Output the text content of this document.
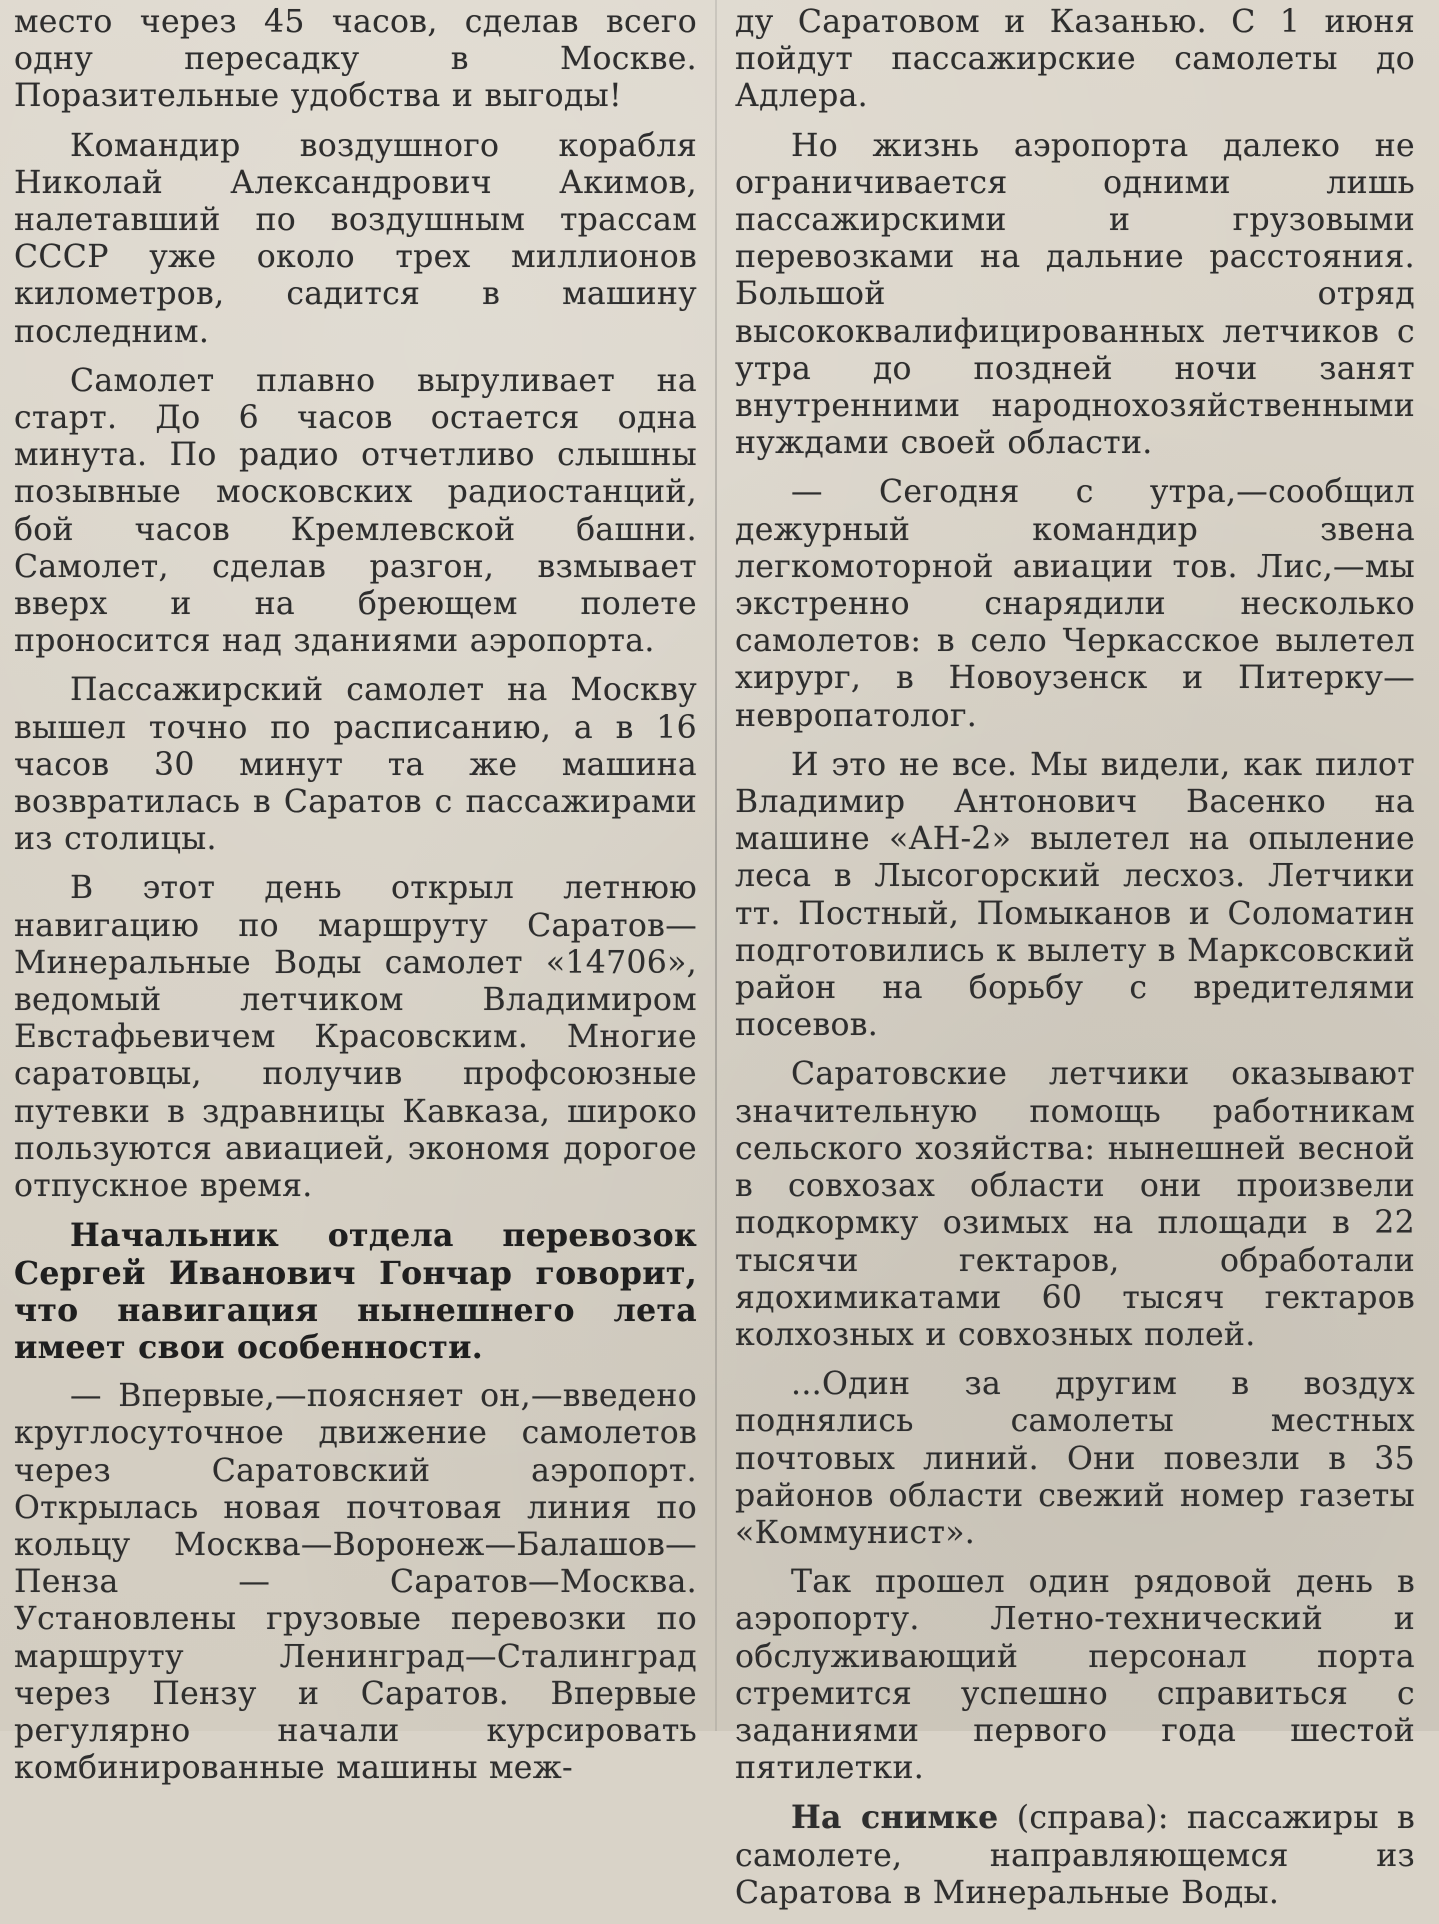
место через 45 часов, сделав всего одну пересадку в Москве. Поразительные удобства и выгоды!

Командир воздушного корабля Николай Александрович Акимов, налетавший по воздушным трассам СССР уже около трех миллионов километров, садится в машину последним.

Самолет плавно выруливает на старт. До 6 часов остается одна минута. По радио отчетливо слышны позывные московских радиостанций, бой часов Кремлевской башни. Самолет, сделав разгон, взмывает вверх и на бреющем полете проносится над зданиями аэропорта.

Пассажирский самолет на Москву вышел точно по расписанию, а в 16 часов 30 минут та же машина возвратилась в Саратов с пассажирами из столицы.

В этот день открыл летнюю навигацию по маршруту Саратов—Минеральные Воды самолет «14706», ведомый летчиком Владимиром Евстафьевичем Красовским. Многие саратовцы, получив профсоюзные путевки в здравницы Кавказа, широко пользуются авиацией, экономя дорогое отпускное время.

Начальник отдела перевозок Сергей Иванович Гончар говорит, что навигация нынешнего лета имеет свои особенности.

— Впервые,—поясняет он,—введено круглосуточное движение самолетов через Саратовский аэропорт. Открылась новая почтовая линия по кольцу Москва—Воронеж—Балашов—Пенза — Саратов—Москва. Установлены грузовые перевозки по маршруту Ленинград—Сталинград через Пензу и Саратов. Впервые регулярно начали курсировать комбинированные машины меж-

ду Саратовом и Казанью. С 1 июня пойдут пассажирские самолеты до Адлера.

Но жизнь аэропорта далеко не ограничивается одними лишь пассажирскими и грузовыми перевозками на дальние расстояния. Большой отряд высококвалифицированных летчиков с утра до поздней ночи занят внутренними народнохозяйственными нуждами своей области.

— Сегодня с утра,—сообщил дежурный командир звена легкомоторной авиации тов. Лис,—мы экстренно снарядили несколько самолетов: в село Черкасское вылетел хирург, в Новоузенск и Питерку—невропатолог.

И это не все. Мы видели, как пилот Владимир Антонович Васенко на машине «АН-2» вылетел на опыление леса в Лысогорский лесхоз. Летчики тт. Постный, Помыканов и Соломатин подготовились к вылету в Марксовский район на борьбу с вредителями посевов.

Саратовские летчики оказывают значительную помощь работникам сельского хозяйства: нынешней весной в совхозах области они произвели подкормку озимых на площади в 22 тысячи гектаров, обработали ядохимикатами 60 тысяч гектаров колхозных и совхозных полей.

...Один за другим в воздух поднялись самолеты местных почтовых линий. Они повезли в 35 районов области свежий номер газеты «Коммунист».

Так прошел один рядовой день в аэропорту. Летно-технический и обслуживающий персонал порта стремится успешно справиться с заданиями первого года шестой пятилетки.

На снимке (справа): пассажиры в самолете, направляющемся из Саратова в Минеральные Воды.
